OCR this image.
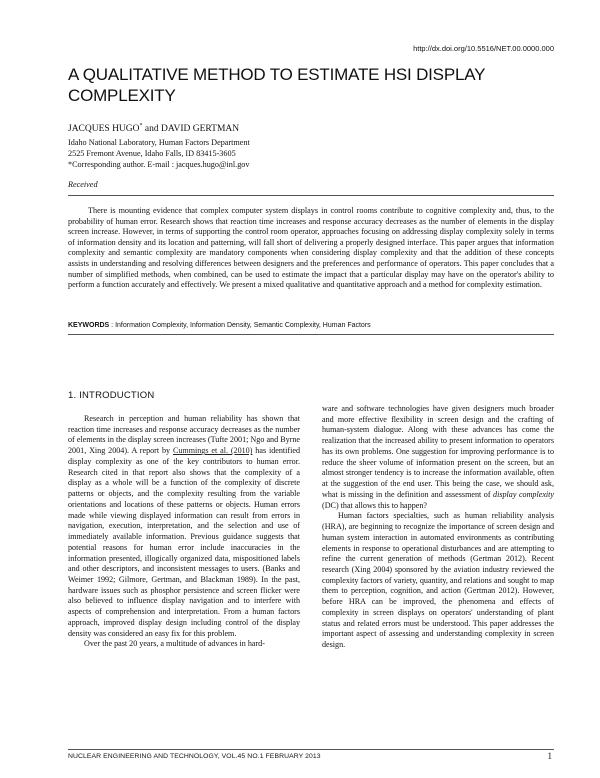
http://dx.doi.org/10.5516/NET.00.0000.000
A QUALITATIVE METHOD TO ESTIMATE HSI DISPLAY COMPLEXITY

JACQUES HUGO* and DAVID GERTMAN

Idaho National Laboratory, Human Factors Department
2525 Fremont Avenue, Idaho Falls, ID 83415-3605
*Corresponding author. E-mail : jacques.hugo@inl.gov
Received

There is mounting evidence that complex computer system displays in control rooms contribute to cognitive complexity and, thus, to the probability of human error. Research shows that reaction time increases and response accuracy decreases as the number of elements in the display screen increase. However, in terms of supporting the control room operator, approaches focusing on addressing display complexity solely in terms of information density and its location and patterning, will fall short of delivering a properly designed interface. This paper argues that information complexity and semantic complexity are mandatory components when considering display complexity and that the addition of these concepts assists in understanding and resolving differences between designers and the preferences and performance of operators. This paper concludes that a number of simplified methods, when combined, can be used to estimate the impact that a particular display may have on the operator's ability to perform a function accurately and effectively. We present a mixed qualitative and quantitative approach and a method for complexity estimation.

KEYWORDS : Information Complexity, Information Density, Semantic Complexity, Human Factors
1. INTRODUCTION

Research in perception and human reliability has shown that reaction time increases and response accuracy decreases as the number of elements in the display screen increases (Tufte 2001; Ngo and Byrne 2001, Xing 2004). A report by Cummings et al. (2010) has identified display complexity as one of the key contributors to human error. Research cited in that report also shows that the complexity of a display as a whole will be a function of the complexity of discrete patterns or objects, and the complexity resulting from the variable orientations and locations of these patterns or objects. Human errors made while viewing displayed information can result from errors in navigation, execution, interpretation, and the selection and use of immediately available information. Previous guidance suggests that potential reasons for human error include inaccuracies in the information presented, illogically organized data, mispositioned labels and other descriptors, and inconsistent messages to users. (Banks and Weimer 1992; Gilmore, Gertman, and Blackman 1989). In the past, hardware issues such as phosphor persistence and screen flicker were also believed to influence display navigation and to interfere with aspects of comprehension and interpretation. From a human factors approach, improved display design including control of the display density was considered an easy fix for this problem.

Over the past 20 years, a multitude of advances in hard-

ware and software technologies have given designers much broader and more effective flexibility in screen design and the crafting of human-system dialogue. Along with these advances has come the realization that the increased ability to present information to operators has its own problems. One suggestion for improving performance is to reduce the sheer volume of information present on the screen, but an almost stronger tendency is to increase the information available, often at the suggestion of the end user. This being the case, we should ask, what is missing in the definition and assessment of display complexity (DC) that allows this to happen?

Human factors specialties, such as human reliability analysis (HRA), are beginning to recognize the importance of screen design and human system interaction in automated environments as contributing elements in response to operational disturbances and are attempting to refine the current generation of methods (Gertman 2012). Recent research (Xing 2004) sponsored by the aviation industry reviewed the complexity factors of variety, quantity, and relations and sought to map them to perception, cognition, and action (Gertman 2012). However, before HRA can be improved, the phenomena and effects of complexity in screen displays on operators' understanding of plant status and related errors must be understood. This paper addresses the important aspect of assessing and understanding complexity in screen design.

NUCLEAR ENGINEERING AND TECHNOLOGY, VOL.45 NO.1 FEBRUARY 2013	1
